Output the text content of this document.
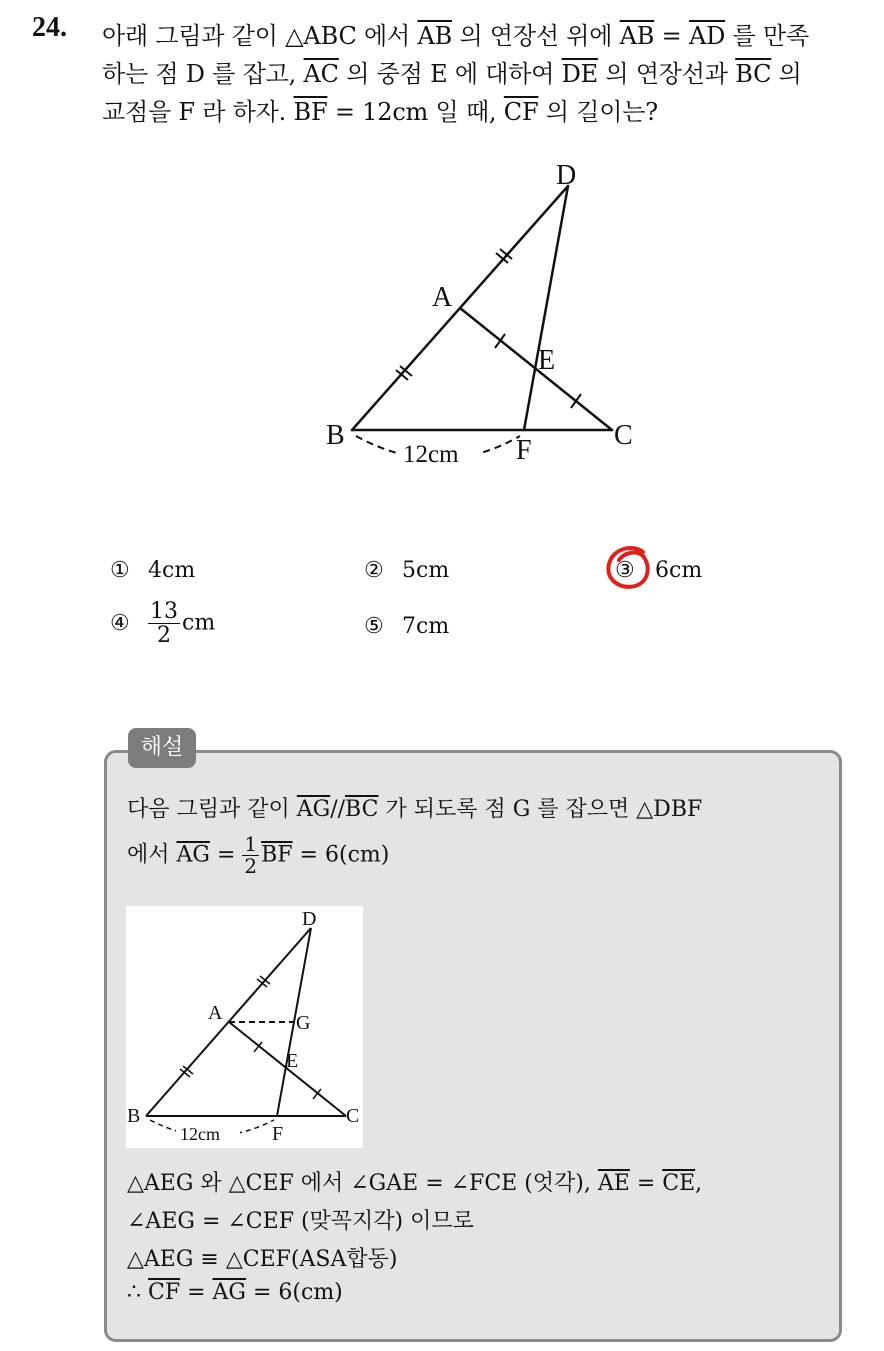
24. 아래 그림과 같이 △ABC 에서 $\overline{AB}$ 의 연장선 위에 $\overline{AB} = \overline{AD}$ 를 만족
하는 점 D 를 잡고, $\overline{AC}$ 의 중점 E 에 대하여 $\overline{DE}$ 의 연장선과 $\overline{BC}$ 의
교점을 F 라 하자. $\overline{BF} = 12cm$ 일 때, $\overline{CF}$ 의 길이는?
D
A
E
B	C
F
12cm
① 4cm	② 5cm	③ 6cm
④ $\frac{13}{2}$ cm	⑤ 7cm
해설
다음 그림과 같이 $\overline{AG}//\overline{BC}$ 가 되도록 점 G 를 잡으면 △DBF
에서 $\overline{AG} = \frac{1}{2} \overline{BF} = 6(cm)$
D
A	G
E
B	C
F
12cm
△AEG 와 △CEF 에서 ∠GAE = ∠FCE (엇각), $\overline{AE} = \overline{CE}$,
∠AEG = ∠CEF (맞꼭지각) 이므로
△AEG ≡ △CEF(ASA합동)
∴ $\overline{CF} = \overline{AG} = 6(cm)$
